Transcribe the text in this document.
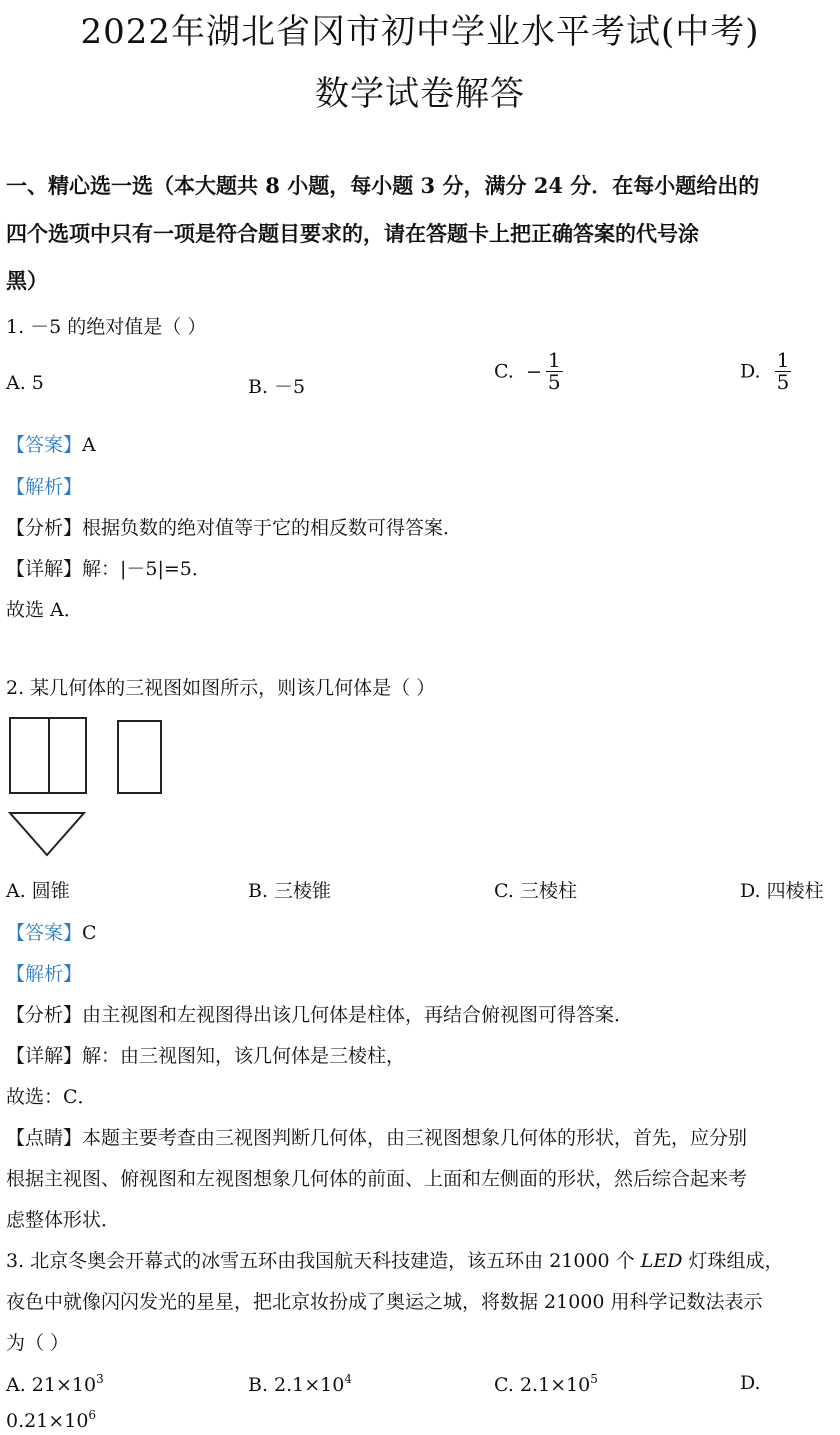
2022年湖北省冈市初中学业水平考试(中考)
数学试卷解答
一、精心选一选（本大题共 8 小题，每小题 3 分，满分 24 分．在每小题给出的
四个选项中只有一项是符合题目要求的，请在答题卡上把正确答案的代号涂
黑）
1. －5 的绝对值是（ ）
A. 5	B. －5
C. − $\frac{1}{5}$	D. $\frac{1}{5}$
【答案】A
【解析】
【分析】根据负数的绝对值等于它的相反数可得答案．
【详解】解：|－5|=5．
故选 A．
2. 某几何体的三视图如图所示，则该几何体是（ ）
A. 圆锥	B. 三棱锥	C. 三棱柱	D. 四棱柱
【答案】C
【解析】
【分析】由主视图和左视图得出该几何体是柱体，再结合俯视图可得答案．
【详解】解：由三视图知，该几何体是三棱柱，
故选：C．
【点睛】本题主要考查由三视图判断几何体，由三视图想象几何体的形状，首先，应分别
根据主视图、俯视图和左视图想象几何体的前面、上面和左侧面的形状，然后综合起来考
虑整体形状．
3. 北京冬奥会开幕式的冰雪五环由我国航天科技建造，该五环由 21000 个 LED 灯珠组成，
夜色中就像闪闪发光的星星，把北京妆扮成了奥运之城，将数据 21000 用科学记数法表示
为（ ）
A. $21\times 10^3$	B. $2.1\times 10^4$	C. $2.1\times 10^5$	D.
$0.21\times 10^6$
